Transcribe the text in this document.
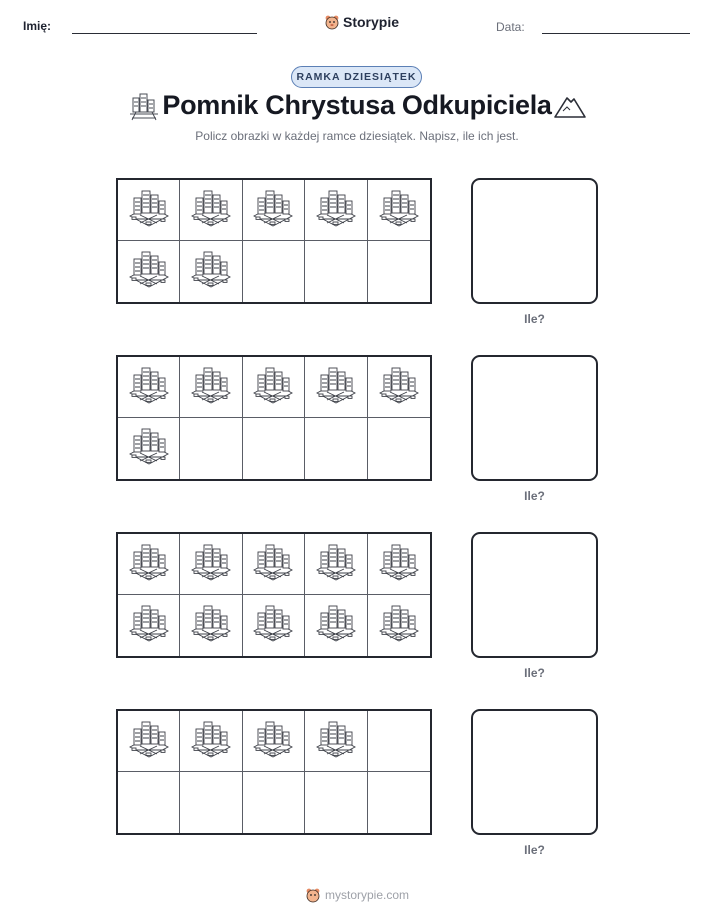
Imię:	Storypie	Data:
RAMKA DZIESIĄTEK
Pomnik Chrystusa Odkupiciela
Policz obrazki w każdej ramce dziesiątek. Napisz, ile ich jest.
Ile?
Ile?
Ile?
Ile?
mystorypie.com
